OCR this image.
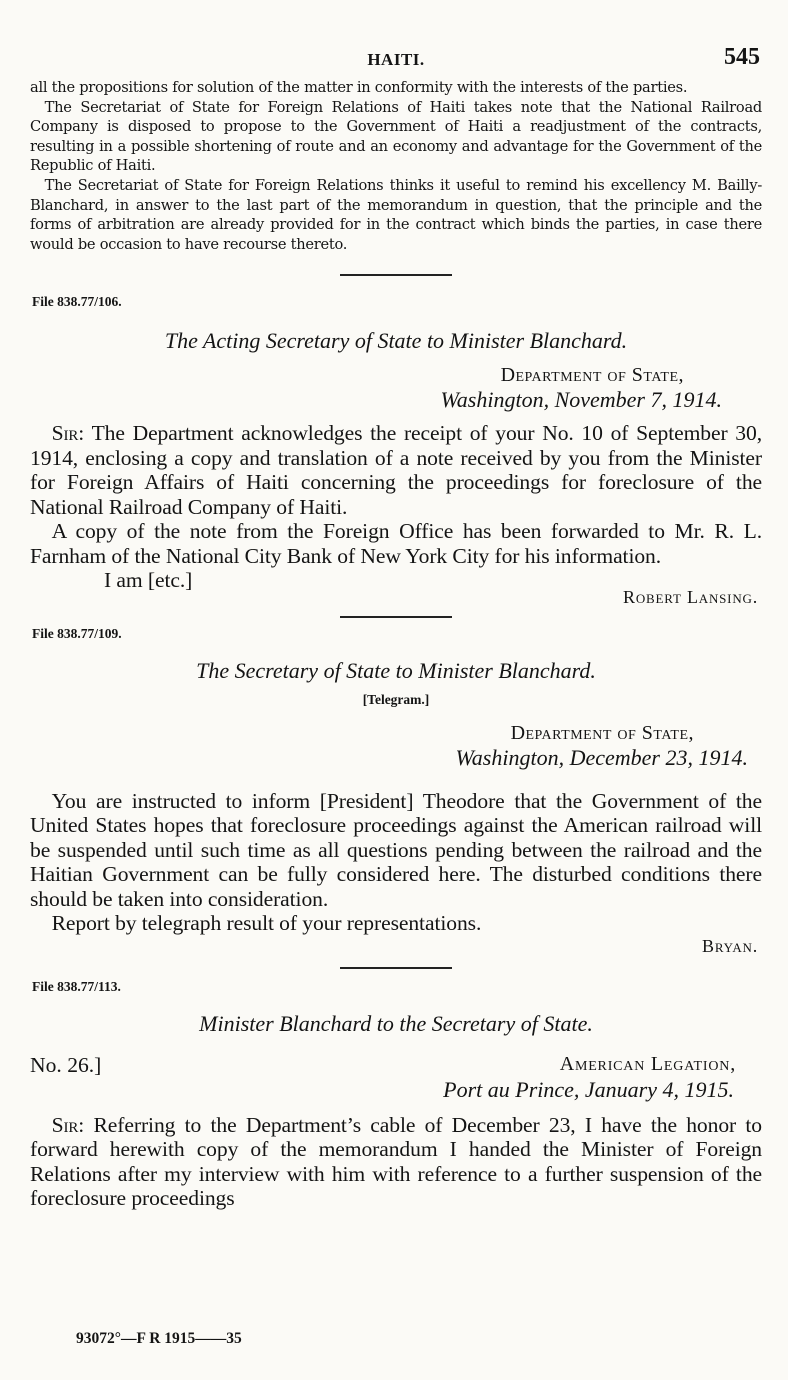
HAITI.	545

all the propositions for solution of the matter in conformity with the interests of the parties.

The Secretariat of State for Foreign Relations of Haiti takes note that the National Railroad Company is disposed to propose to the Government of Haiti a readjustment of the contracts, resulting in a possible shortening of route and an economy and advantage for the Government of the Republic of Haiti.

The Secretariat of State for Foreign Relations thinks it useful to remind his excellency M. Bailly-Blanchard, in answer to the last part of the memorandum in question, that the principle and the forms of arbitration are already provided for in the contract which binds the parties, in case there would be occasion to have recourse thereto.

File 838.77/106.
The Acting Secretary of State to Minister Blanchard.
Department of State,
Washington, November 7, 1914.

Sir: The Department acknowledges the receipt of your No. 10 of September 30, 1914, enclosing a copy and translation of a note received by you from the Minister for Foreign Affairs of Haiti concerning the proceedings for foreclosure of the National Railroad Company of Haiti.

A copy of the note from the Foreign Office has been forwarded to Mr. R. L. Farnham of the National City Bank of New York City for his information.

I am [etc.]

Robert Lansing.
File 838.77/109.
The Secretary of State to Minister Blanchard.
[Telegram.]
Department of State,
Washington, December 23, 1914.

You are instructed to inform [President] Theodore that the Government of the United States hopes that foreclosure proceedings against the American railroad will be suspended until such time as all questions pending between the railroad and the Haitian Government can be fully considered here. The disturbed conditions there should be taken into consideration.

Report by telegraph result of your representations.

Bryan.
File 838.77/113.
Minister Blanchard to the Secretary of State.
No. 26.]	American Legation,
Port au Prince, January 4, 1915.

Sir: Referring to the Department’s cable of December 23, I have the honor to forward herewith copy of the memorandum I handed the Minister of Foreign Relations after my interview with him with reference to a further suspension of the foreclosure proceedings

93072°—F R 1915——35
